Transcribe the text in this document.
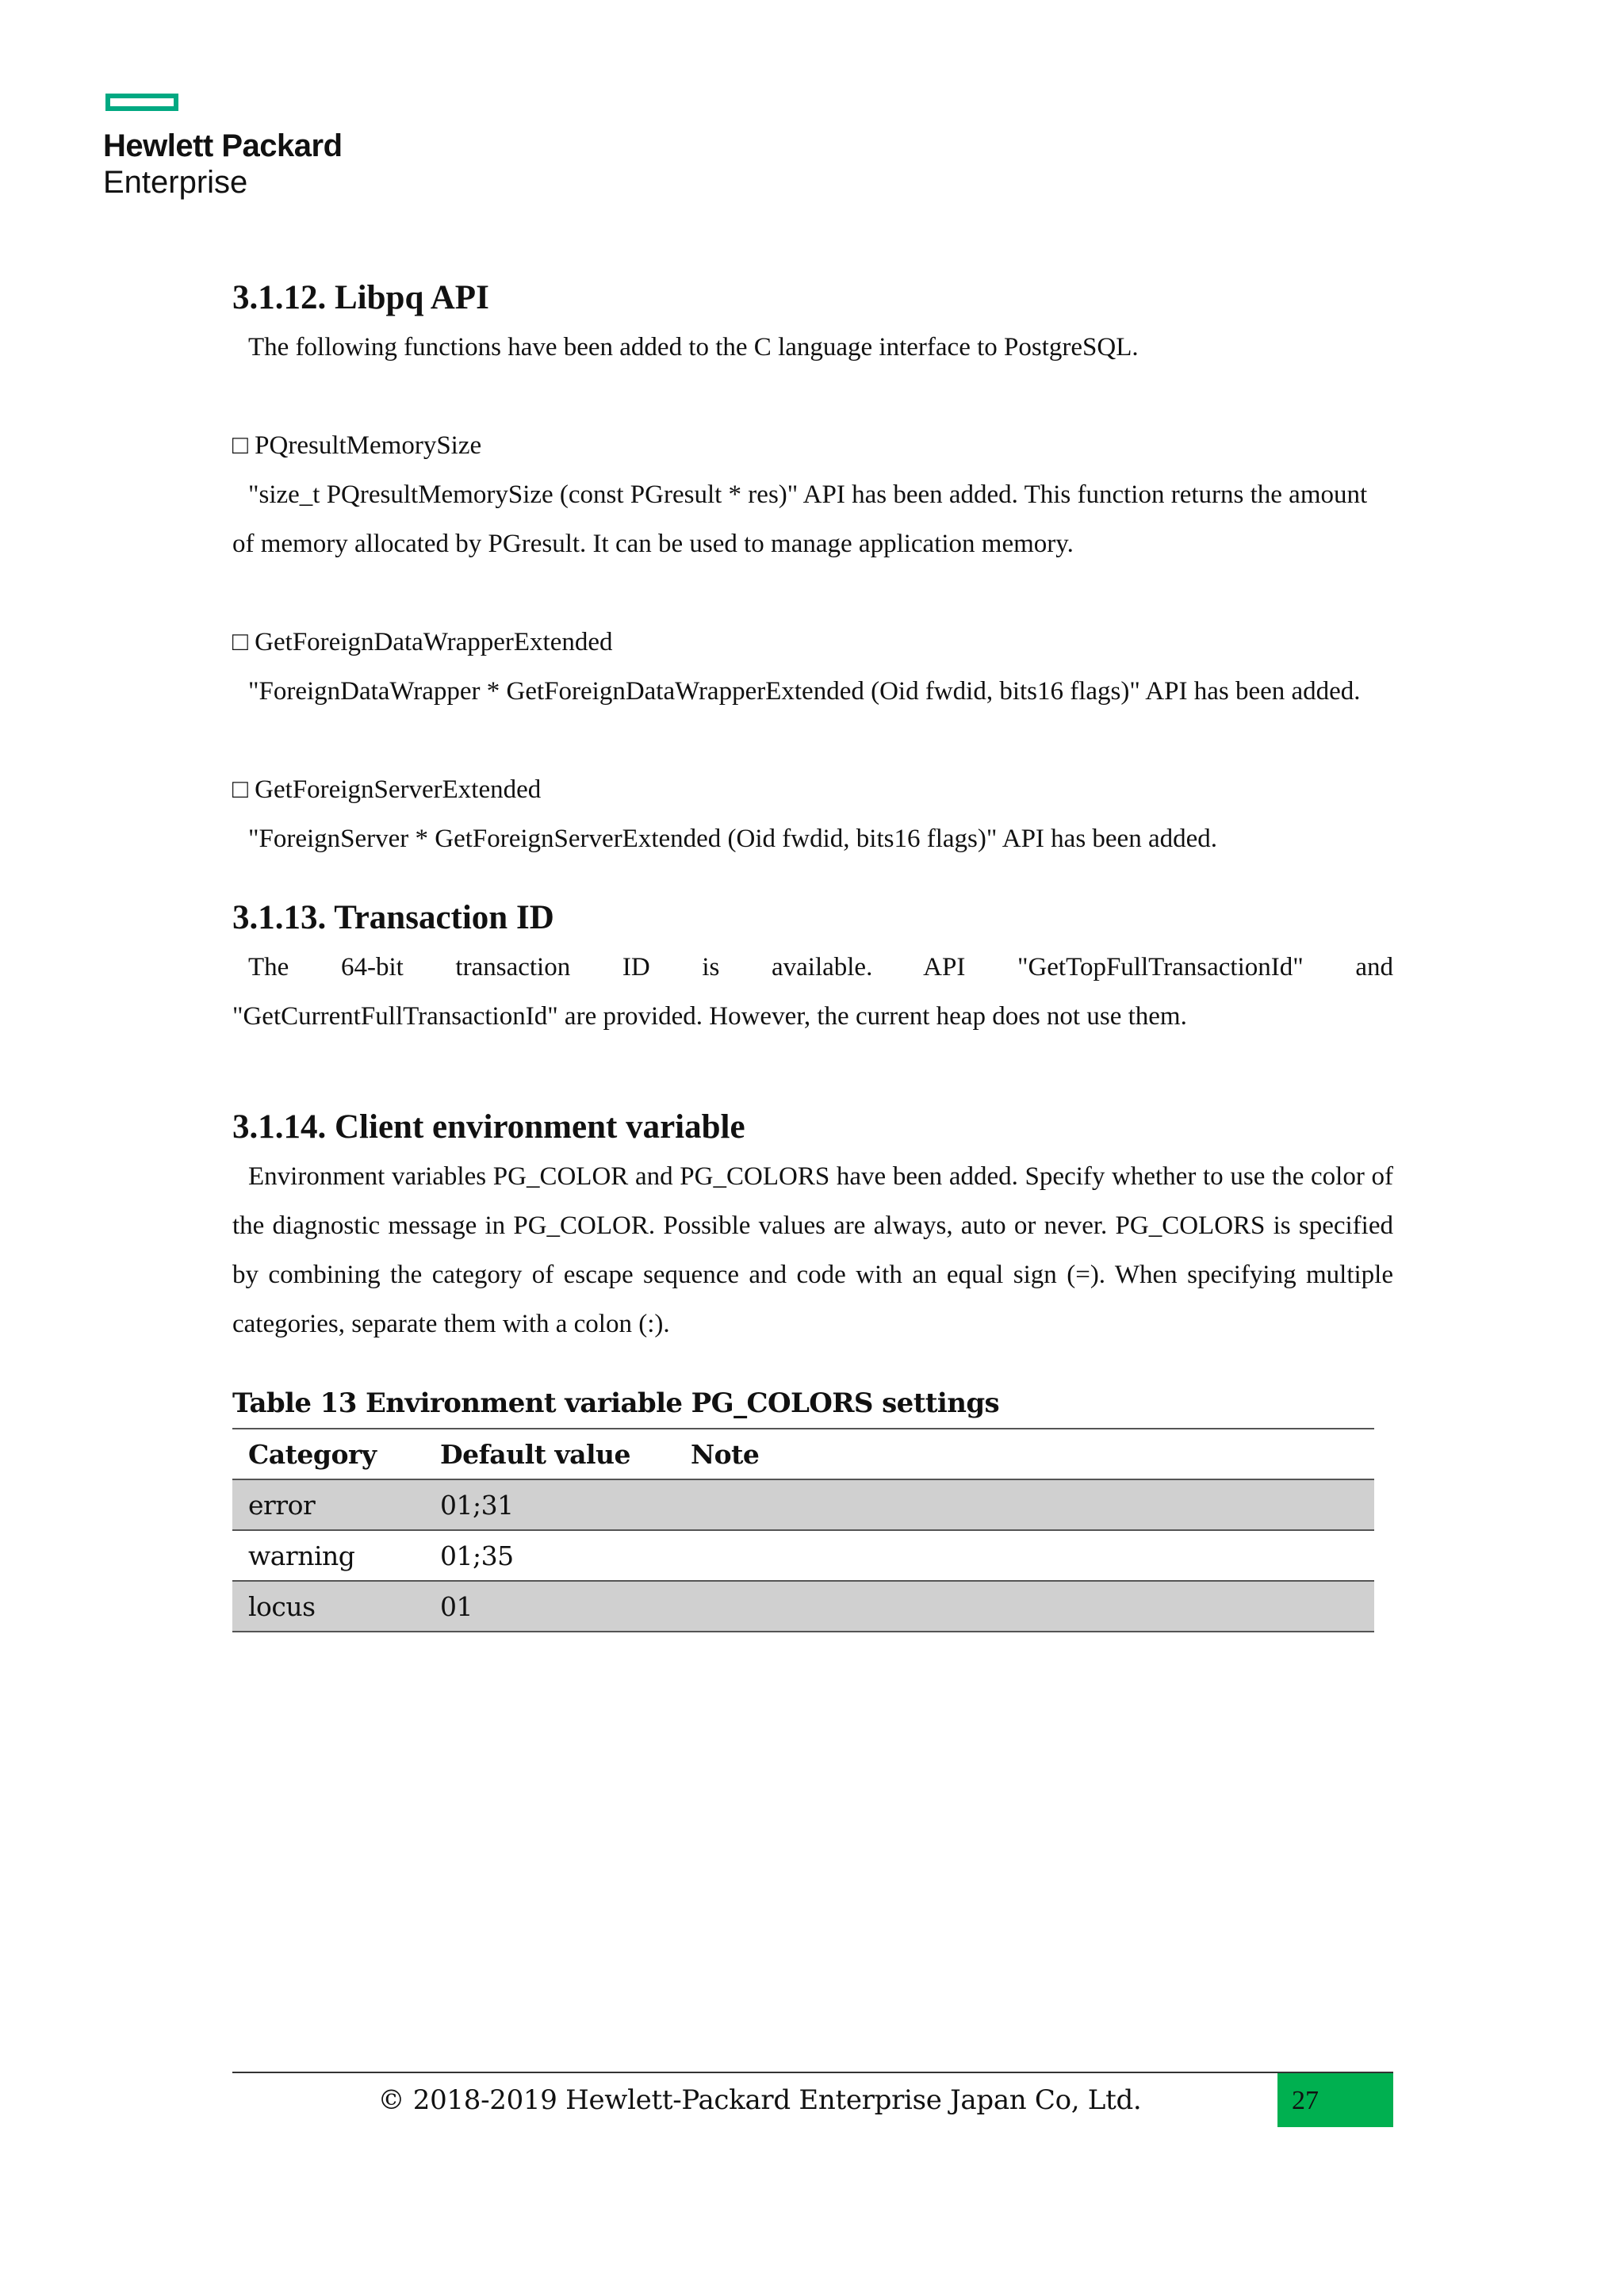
Hewlett Packard
Enterprise
3.1.12. Libpq API

The following functions have been added to the C language interface to PostgreSQL.

□ PQresultMemorySize

"size_t PQresultMemorySize (const PGresult * res)" API has been added. This function returns the amount of memory allocated by PGresult. It can be used to manage application memory.

□ GetForeignDataWrapperExtended

"ForeignDataWrapper * GetForeignDataWrapperExtended (Oid fwdid, bits16 flags)" API has been added.

□ GetForeignServerExtended

"ForeignServer * GetForeignServerExtended (Oid fwdid, bits16 flags)" API has been added.

3.1.13. Transaction ID

The 64-bit transaction ID is available. API "GetTopFullTransactionId" and

"GetCurrentFullTransactionId" are provided. However, the current heap does not use them.

3.1.14. Client environment variable

Environment variables PG_COLOR and PG_COLORS have been added. Specify whether to use the color of the diagnostic message in PG_COLOR. Possible values are always, auto or never. PG_COLORS is specified by combining the category of escape sequence and code with an equal sign (=). When specifying multiple categories, separate them with a colon (:).

Table 13 Environment variable PG_COLORS settings
Category	Default value	Note
error	01;31	
warning	01;35	
locus	01	
© 2018-2019 Hewlett-Packard Enterprise Japan Co, Ltd.	27
